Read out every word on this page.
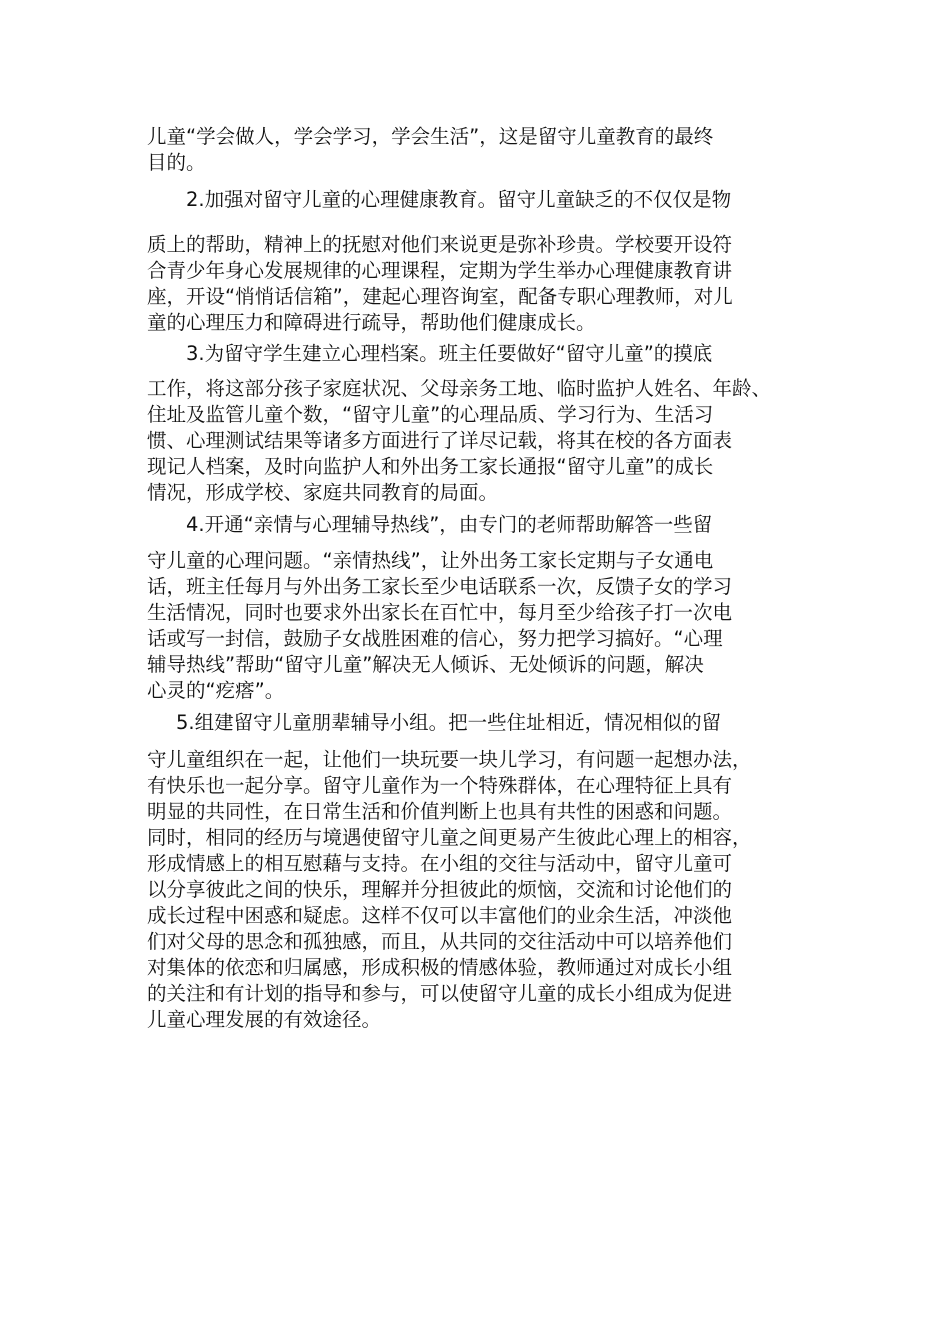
儿童“学会做人，学会学习，学会生活”，这是留守儿童教育的最终
目的。
2.加强对留守儿童的心理健康教育。留守儿童缺乏的不仅仅是物
质上的帮助，精神上的抚慰对他们来说更是弥补珍贵。学校要开设符
合青少年身心发展规律的心理课程，定期为学生举办心理健康教育讲
座，开设“悄悄话信箱”，建起心理咨询室，配备专职心理教师，对儿
童的心理压力和障碍进行疏导，帮助他们健康成长。
3.为留守学生建立心理档案。班主任要做好“留守儿童”的摸底
工作，将这部分孩子家庭状况、父母亲务工地、临时监护人姓名、年龄、
住址及监管儿童个数，“留守儿童”的心理品质、学习行为、生活习
惯、心理测试结果等诸多方面进行了详尽记载，将其在校的各方面表
现记人档案，及时向监护人和外出务工家长通报“留守儿童”的成长
情况，形成学校、家庭共同教育的局面。
4.开通“亲情与心理辅导热线”，由专门的老师帮助解答一些留
守儿童的心理问题。“亲情热线”，让外出务工家长定期与子女通电
话，班主任每月与外出务工家长至少电话联系一次，反馈子女的学习
生活情况，同时也要求外出家长在百忙中，每月至少给孩子打一次电
话或写一封信，鼓励子女战胜困难的信心，努力把学习搞好。“心理
辅导热线”帮助“留守儿童”解决无人倾诉、无处倾诉的问题，解决
心灵的“疙瘩”。
5.组建留守儿童朋辈辅导小组。把一些住址相近，情况相似的留
守儿童组织在一起，让他们一块玩要一块儿学习，有问题一起想办法，
有快乐也一起分享。留守儿童作为一个特殊群体，在心理特征上具有
明显的共同性，在日常生活和价值判断上也具有共性的困惑和问题。
同时，相同的经历与境遇使留守儿童之间更易产生彼此心理上的相容，
形成情感上的相互慰藉与支持。在小组的交往与活动中，留守儿童可
以分享彼此之间的快乐，理解并分担彼此的烦恼，交流和讨论他们的
成长过程中困惑和疑虑。这样不仅可以丰富他们的业余生活，冲淡他
们对父母的思念和孤独感，而且，从共同的交往活动中可以培养他们
对集体的依恋和归属感，形成积极的情感体验，教师通过对成长小组
的关注和有计划的指导和参与，可以使留守儿童的成长小组成为促进
儿童心理发展的有效途径。
